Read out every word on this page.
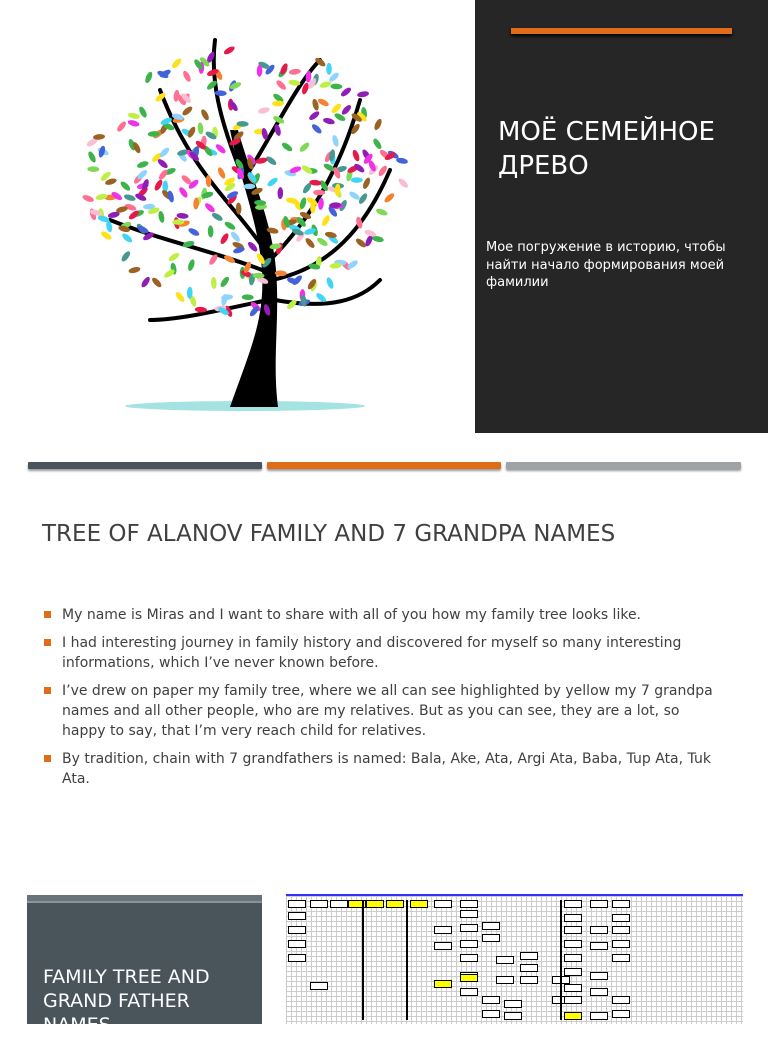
МОЁ СЕМЕЙНОЕ ДРЕВО
Мое погружение в историю, чтобы найти начало формирования моей фамилии
TREE OF ALANOV FAMILY AND 7 GRANDPA NAMES
My name is Miras and I want to share with all of you how my family tree looks like.
I had interesting journey in family history and discovered for myself so many interesting informations, which I’ve never known before.
I’ve drew on paper my family tree, where we all can see highlighted by yellow my 7 grandpa names and all other people, who are my relatives. But as you can see, they are a lot, so happy to say, that I’m very reach child for relatives.
By tradition, chain with 7 grandfathers is named: Bala, Ake, Ata, Argi Ata, Baba, Tup Ata, Tuk Ata.
FAMILY TREE AND GRAND FATHER NAMES
